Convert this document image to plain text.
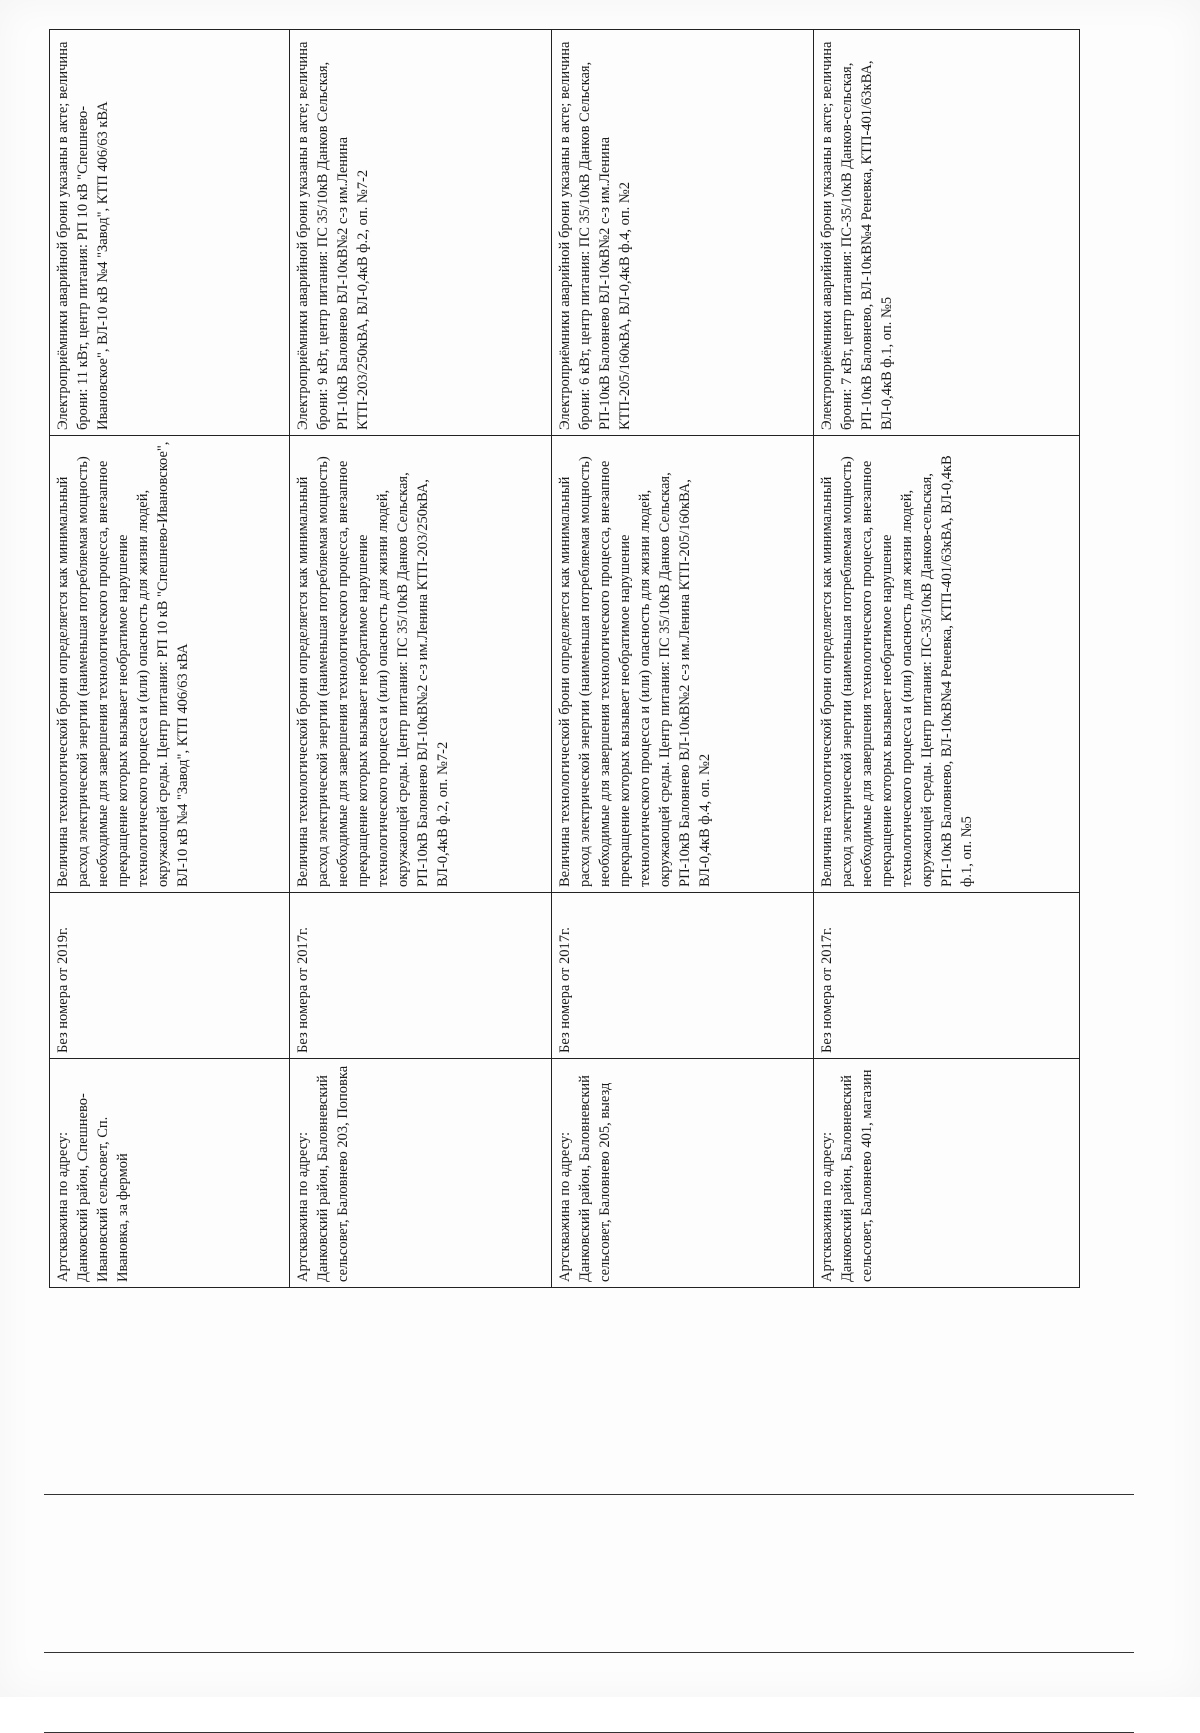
Артскважина по адресу: Данковский район, Спешнево-Ивановский сельсовет, Сп. Ивановка, за фермой	Без номера от 2019г.	Величина технологической брони определяется как минимальный расход электрической энергии (наименьшая потребляемая мощность) необходимые для завершения технологического процесса, внезапное прекращение которых вызывает необратимое нарушение технологического процесса и (или) опасность для жизни людей, окружающей среды. Центр питания: РП 10 кВ "Спешнево-Ивановское", ВЛ-10 кВ №4 "Завод", КТП 406/63 кВА	Электроприёмники аварийной брони указаны в акте; величина брони: 11 кВт, центр питания: РП 10 кВ "Спешнево-Ивановское", ВЛ-10 кВ №4 "Завод", КТП 406/63 кВА
Артскважина по адресу: Данковский район, Баловневский сельсовет, Баловнево 203, Поповка	Без номера от 2017г.	Величина технологической брони определяется как минимальный расход электрической энергии (наименьшая потребляемая мощность) необходимые для завершения технологического процесса, внезапное прекращение которых вызывает необратимое нарушение технологического процесса и (или) опасность для жизни людей, окружающей среды. Центр питания: ПС 35/10кВ Данков Сельская, РП-10кВ Баловнево ВЛ-10кВ№2 с-з им.Ленина КТП-203/250кВА, ВЛ-0,4кВ ф.2, оп. №7-2	Электроприёмники аварийной брони указаны в акте; величина брони: 9 кВт, центр питания: ПС 35/10кВ Данков Сельская, РП-10кВ Баловнево ВЛ-10кВ№2 с-з им.Ленина КТП-203/250кВА, ВЛ-0,4кВ ф.2, оп. №7-2
Артскважина по адресу: Данковский район, Баловневский сельсовет, Баловнево 205, выезд	Без номера от 2017г.	Величина технологической брони определяется как минимальный расход электрической энергии (наименьшая потребляемая мощность) необходимые для завершения технологического процесса, внезапное прекращение которых вызывает необратимое нарушение технологического процесса и (или) опасность для жизни людей, окружающей среды. Центр питания: ПС 35/10кВ Данков Сельская, РП-10кВ Баловнево ВЛ-10кВ№2 с-з им.Ленина КТП-205/160кВА, ВЛ-0,4кВ ф.4, оп. №2	Электроприёмники аварийной брони указаны в акте; величина брони: 6 кВт, центр питания: ПС 35/10кВ Данков Сельская, РП-10кВ Баловнево ВЛ-10кВ№2 с-з им.Ленина КТП-205/160кВА, ВЛ-0,4кВ ф.4, оп. №2
Артскважина по адресу: Данковский район, Баловневский сельсовет, Баловнево 401, магазин	Без номера от 2017г.	Величина технологической брони определяется как минимальный расход электрической энергии (наименьшая потребляемая мощность) необходимые для завершения технологического процесса, внезапное прекращение которых вызывает необратимое нарушение технологического процесса и (или) опасность для жизни людей, окружающей среды. Центр питания: ПС-35/10кВ Данков-сельская, РП-10кВ Баловнево, ВЛ-10кВ№4 Реневка, КТП-401/63кВА, ВЛ-0,4кВ ф.1, оп. №5	Электроприёмники аварийной брони указаны в акте; величина брони: 7 кВт, центр питания: ПС-35/10кВ Данков-сельская, РП-10кВ Баловнево, ВЛ-10кВ№4 Реневка, КТП-401/63кВА, ВЛ-0,4кВ ф.1, оп. №5
